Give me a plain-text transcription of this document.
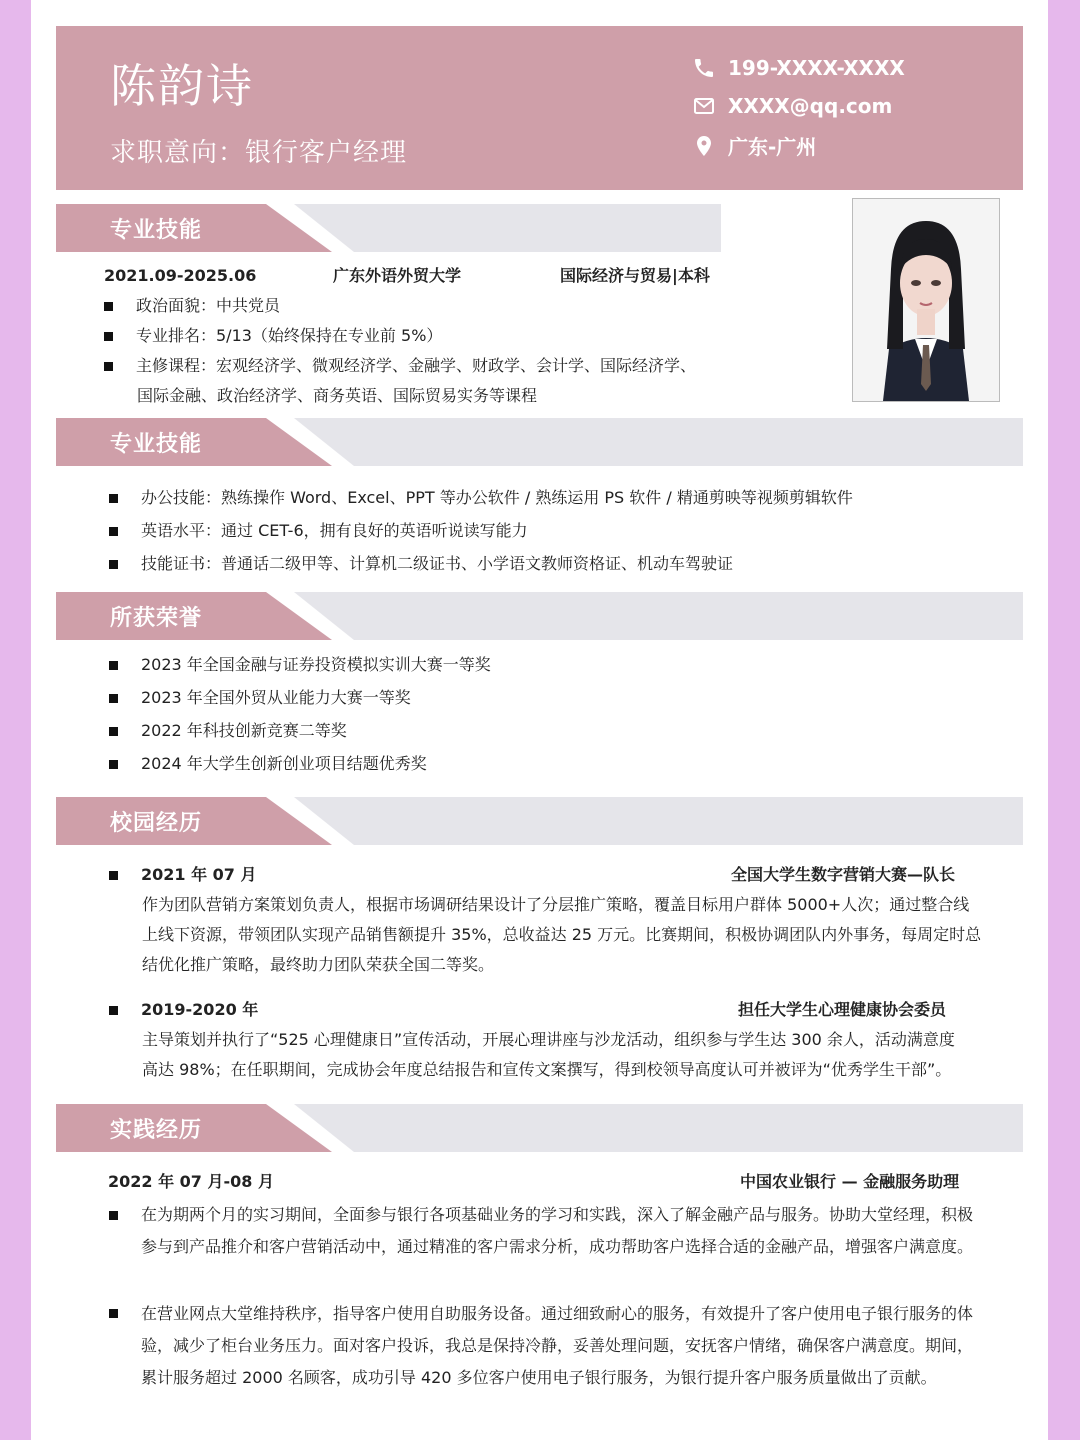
陈韵诗
求职意向：银行客户经理
199-XXXX-XXXX
XXXX@qq.com
广东-广州
专业技能
2021.09-2025.06	广东外语外贸大学	国际经济与贸易|本科
政治面貌：中共党员
专业排名：5/13（始终保持在专业前 5%）
主修课程：宏观经济学、微观经济学、金融学、财政学、会计学、国际经济学、
国际金融、政治经济学、商务英语、国际贸易实务等课程
专业技能
办公技能：熟练操作 Word、Excel、PPT 等办公软件 / 熟练运用 PS 软件 / 精通剪映等视频剪辑软件
英语水平：通过 CET-6，拥有良好的英语听说读写能力
技能证书：普通话二级甲等、计算机二级证书、小学语文教师资格证、机动车驾驶证
所获荣誉
2023 年全国金融与证券投资模拟实训大赛一等奖
2023 年全国外贸从业能力大赛一等奖
2022 年科技创新竞赛二等奖
2024 年大学生创新创业项目结题优秀奖
校园经历
2021 年 07 月	全国大学生数字营销大赛—队长
作为团队营销方案策划负责人，根据市场调研结果设计了分层推广策略，覆盖目标用户群体 5000+人次；通过整合线
上线下资源，带领团队实现产品销售额提升 35%，总收益达 25 万元。比赛期间，积极协调团队内外事务，每周定时总
结优化推广策略，最终助力团队荣获全国二等奖。
2019-2020 年	担任大学生心理健康协会委员
主导策划并执行了“525 心理健康日”宣传活动，开展心理讲座与沙龙活动，组织参与学生达 300 余人，活动满意度
高达 98%；在任职期间，完成协会年度总结报告和宣传文案撰写，得到校领导高度认可并被评为“优秀学生干部”。
实践经历
2022 年 07 月-08 月	中国农业银行 — 金融服务助理
在为期两个月的实习期间，全面参与银行各项基础业务的学习和实践，深入了解金融产品与服务。协助大堂经理，积极
参与到产品推介和客户营销活动中，通过精准的客户需求分析，成功帮助客户选择合适的金融产品，增强客户满意度。
在营业网点大堂维持秩序，指导客户使用自助服务设备。通过细致耐心的服务，有效提升了客户使用电子银行服务的体
验，减少了柜台业务压力。面对客户投诉，我总是保持冷静，妥善处理问题，安抚客户情绪，确保客户满意度。期间，
累计服务超过 2000 名顾客，成功引导 420 多位客户使用电子银行服务，为银行提升客户服务质量做出了贡献。
